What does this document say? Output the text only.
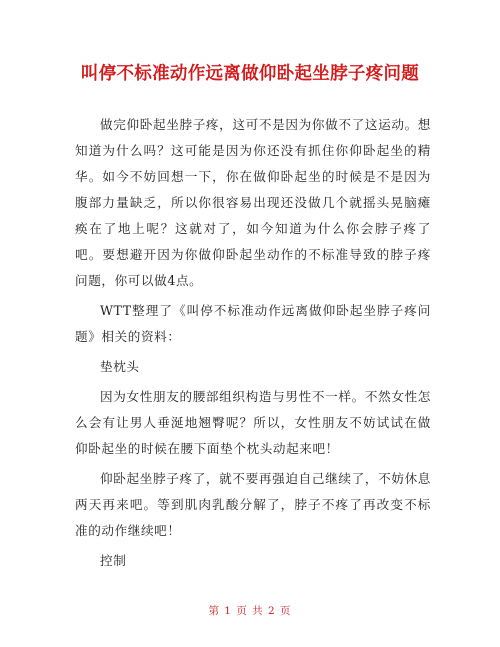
叫停不标准动作远离做仰卧起坐脖子疼问题

做完仰卧起坐脖子疼，这可不是因为你做不了这运动。想知道为什么吗？这可能是因为你还没有抓住你仰卧起坐的精华。如今不妨回想一下，你在做仰卧起坐的时候是不是因为腹部力量缺乏，所以你很容易出现还没做几个就摇头晃脑瘫痪在了地上呢？这就对了，如今知道为什么你会脖子疼了吧。要想避开因为你做仰卧起坐动作的不标准导致的脖子疼问题，你可以做4点。

WTT整理了《叫停不标准动作远离做仰卧起坐脖子疼问题》相关的资料：

垫枕头

因为女性朋友的腰部组织构造与男性不一样。不然女性怎么会有让男人垂涎地翘臀呢？所以，女性朋友不妨试试在做仰卧起坐的时候在腰下面垫个枕头动起来吧！

仰卧起坐脖子疼了，就不要再强迫自己继续了，不妨休息两天再来吧。等到肌肉乳酸分解了，脖子不疼了再改变不标准的动作继续吧！

控制

第 1 页 共 2 页
